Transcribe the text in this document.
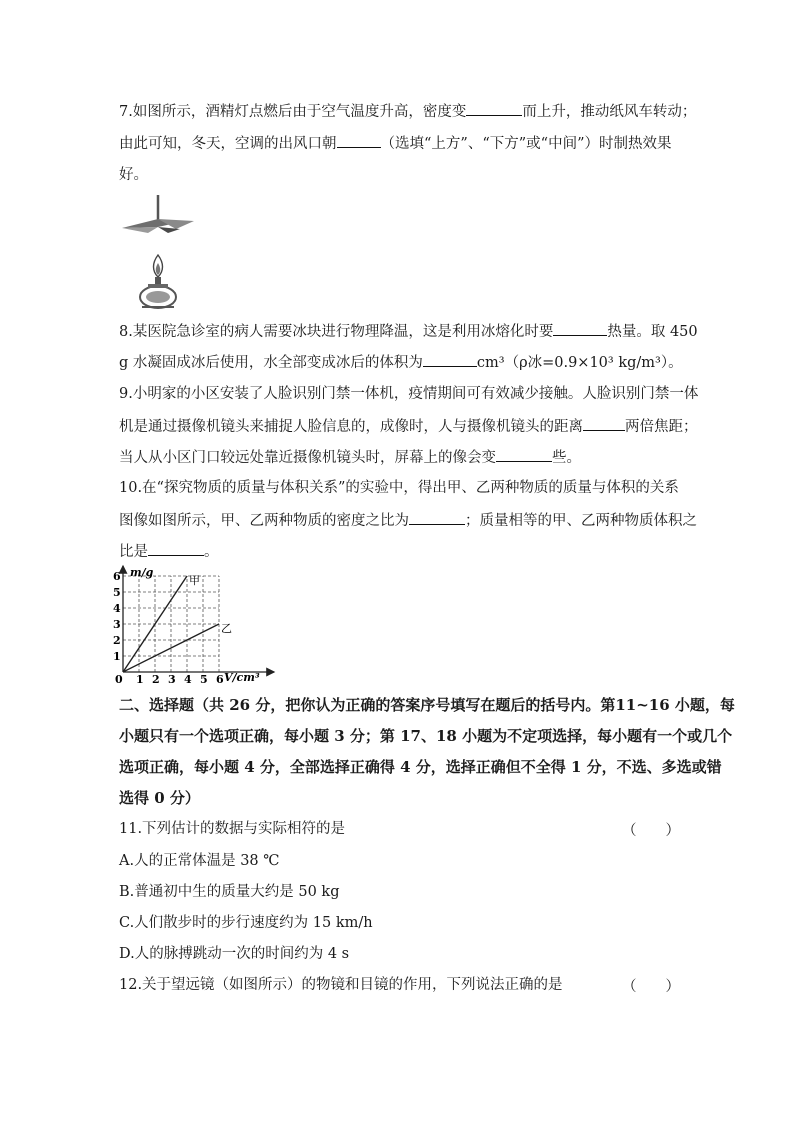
7.如图所示，酒精灯点燃后由于空气温度升高，密度变	而上升，推动纸风车转动；
由此可知，冬天，空调的出风口朝	（选填“上方”、“下方”或“中间”）时制热效果
好。
8.某医院急诊室的病人需要冰块进行物理降温，这是利用冰熔化时要	热量。取 450
g 水凝固成冰后使用，水全部变成冰后的体积为	cm³（ρ冰=0.9×10³ kg/m³）。
9.小明家的小区安装了人脸识别门禁一体机，疫情期间可有效减少接触。人脸识别门禁一体
机是通过摄像机镜头来捕捉人脸信息的，成像时，人与摄像机镜头的距离	两倍焦距；
当人从小区门口较远处靠近摄像机镜头时，屏幕上的像会变	些。
10.在“探究物质的质量与体积关系”的实验中，得出甲、乙两种物质的质量与体积的关系
图像如图所示，甲、乙两种物质的密度之比为	；质量相等的甲、乙两种物质体积之
比是	。
1 2 3 4 5 6
1
2
3
4
5
6	甲
乙
m/g
V/cm³
0
二、选择题（共 26 分，把你认为正确的答案序号填写在题后的括号内。第11~16 小题，每
小题只有一个选项正确，每小题 3 分；第 17、18 小题为不定项选择，每小题有一个或几个
选项正确，每小题 4 分，全部选择正确得 4 分，选择正确但不全得 1 分，不选、多选或错
选得 0 分）
11.下列估计的数据与实际相符的是	（　　）
A.人的正常体温是 38 ℃
B.普通初中生的质量大约是 50 kg
C.人们散步时的步行速度约为 15 km/h
D.人的脉搏跳动一次的时间约为 4 s
12.关于望远镜（如图所示）的物镜和目镜的作用，下列说法正确的是	（　　）
